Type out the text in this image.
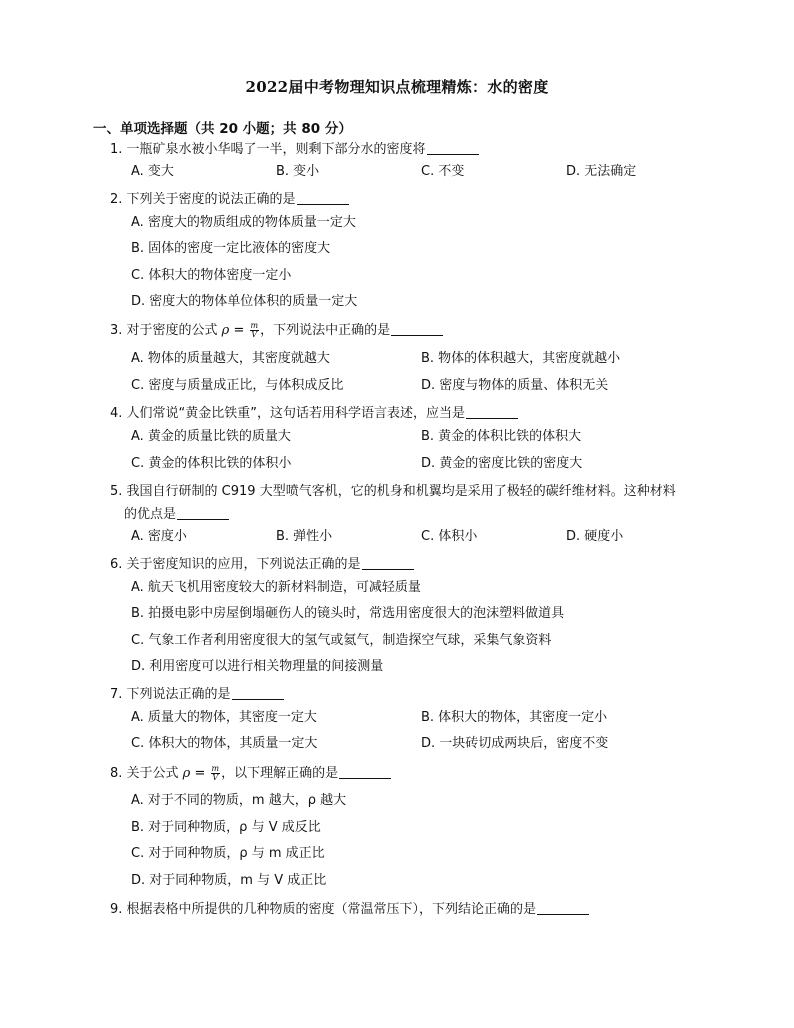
2022届中考物理知识点梳理精炼：水的密度
一、单项选择题（共 20 小题；共 80 分）
1. 一瓶矿泉水被小华喝了一半，则剩下部分水的密度将
A. 变大	B. 变小	C. 不变	D. 无法确定
2. 下列关于密度的说法正确的是
A. 密度大的物质组成的物体质量一定大
B. 固体的密度一定比液体的密度大
C. 体积大的物体密度一定小
D. 密度大的物体单位体积的质量一定大
3. 对于密度的公式 $\rho = \frac{m}{V}$ ，下列说法中正确的是
A. 物体的质量越大，其密度就越大	B. 物体的体积越大，其密度就越小
C. 密度与质量成正比，与体积成反比	D. 密度与物体的质量、体积无关
4. 人们常说“黄金比铁重”，这句话若用科学语言表述，应当是
A. 黄金的质量比铁的质量大	B. 黄金的体积比铁的体积大
C. 黄金的体积比铁的体积小	D. 黄金的密度比铁的密度大
5. 我国自行研制的 C919 大型喷气客机，它的机身和机翼均是采用了极轻的碳纤维材料。这种材料
的优点是
A. 密度小	B. 弹性小	C. 体积小	D. 硬度小
6. 关于密度知识的应用，下列说法正确的是
A. 航天飞机用密度较大的新材料制造，可减轻质量
B. 拍摄电影中房屋倒塌砸伤人的镜头时，常选用密度很大的泡沫塑料做道具
C. 气象工作者利用密度很大的氢气或氦气，制造探空气球，采集气象资料
D. 利用密度可以进行相关物理量的间接测量
7. 下列说法正确的是
A. 质量大的物体，其密度一定大	B. 体积大的物体，其密度一定小
C. 体积大的物体，其质量一定大	D. 一块砖切成两块后，密度不变
8. 关于公式 $\rho = \frac{m}{V}$ ，以下理解正确的是
A. 对于不同的物质，m 越大，ρ 越大
B. 对于同种物质，ρ 与 V 成反比
C. 对于同种物质，ρ 与 m 成正比
D. 对于同种物质，m 与 V 成正比
9. 根据表格中所提供的几种物质的密度（常温常压下），下列结论正确的是
